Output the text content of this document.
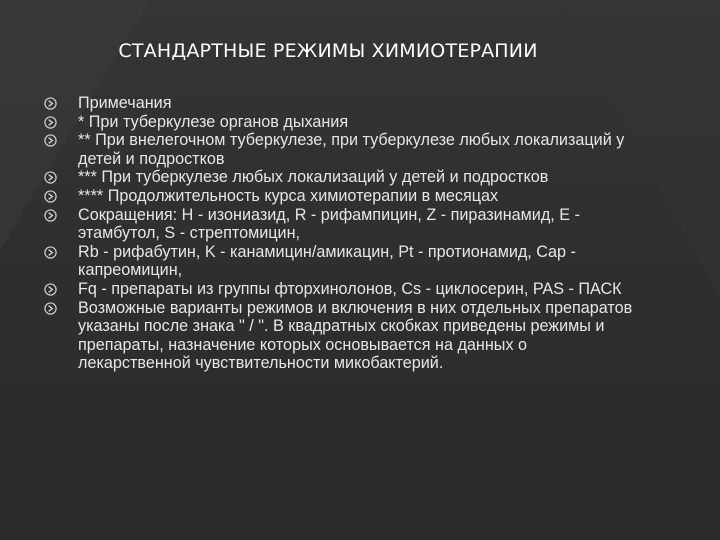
СТАНДАРТНЫЕ РЕЖИМЫ ХИМИОТЕРАПИИ
Примечания
* При туберкулезе органов дыхания
** При внелегочном туберкулезе, при туберкулезе любых локализаций у детей и подростков
*** При туберкулезе любых локализаций у детей и подростков
**** Продолжительность курса химиотерапии в месяцах
Сокращения: H - изониазид, R - рифампицин, Z - пиразинамид, E - этамбутол, S - стрептомицин,
Rb - рифабутин, K - канамицин/амикацин, Pt - протионамид, Cap - капреомицин,
Fq - препараты из группы фторхинолонов, Cs - циклосерин, PAS - ПАСК
Возможные варианты режимов и включения в них отдельных препаратов указаны после знака " / ". В квадратных скобках приведены режимы и препараты, назначение которых основывается на данных о лекарственной чувствительности микобактерий.
